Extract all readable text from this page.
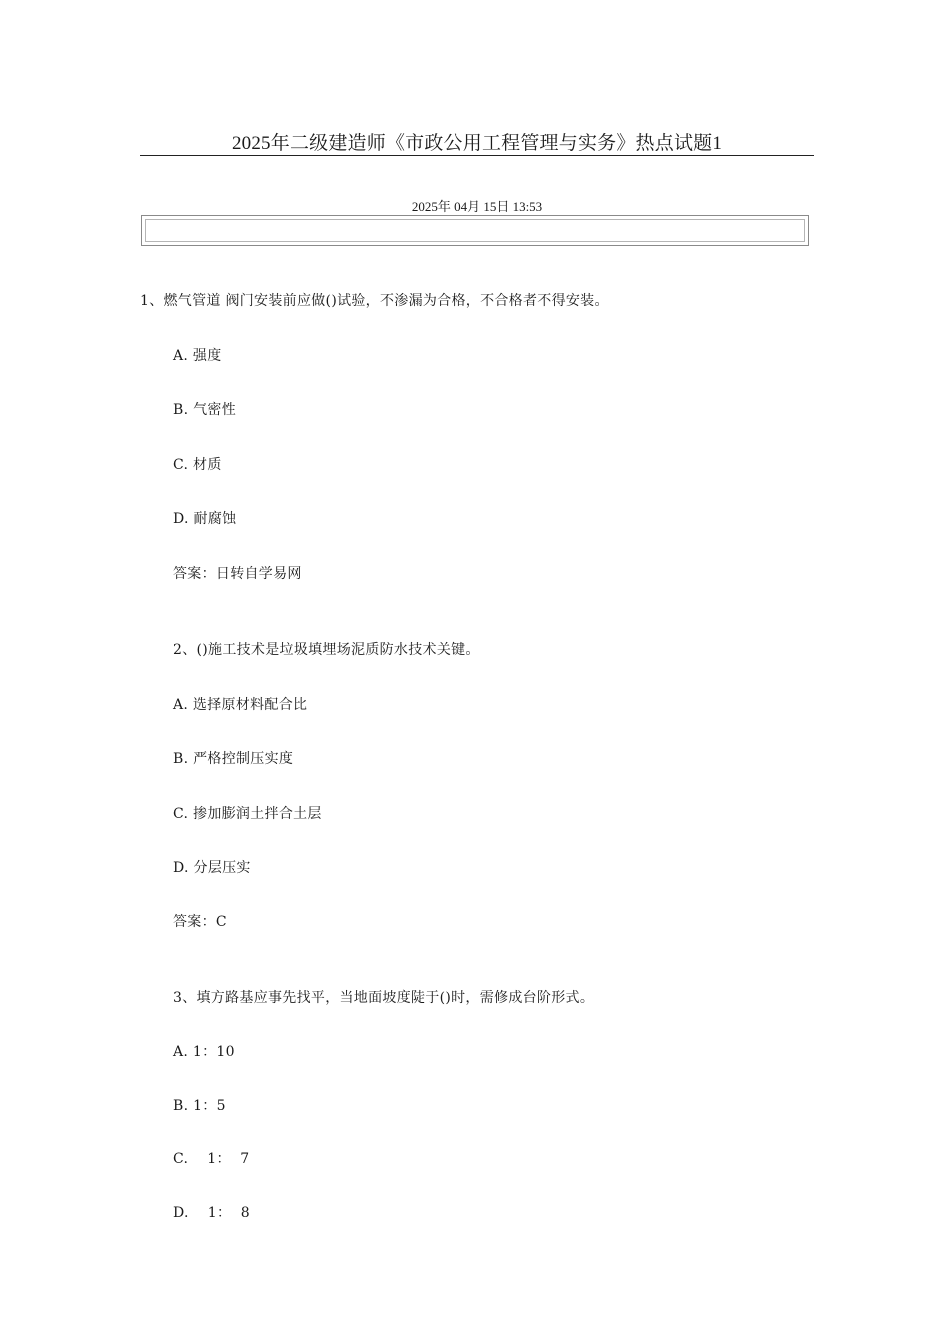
2025年二级建造师《市政公用工程管理与实务》热点试题1
2025年 04月 15日 13:53
1、燃气管道 阀门安装前应做()试验，不渗漏为合格，不合格者不得安装。
A. 强度
B. 气密性
C. 材质
D. 耐腐蚀
答案：日转自学易网
2、()施工技术是垃圾填埋场泥质防水技术关键。
A. 选择原材料配合比
B. 严格控制压实度
C. 掺加膨润土拌合土层
D. 分层压实
答案：C
3、填方路基应事先找平，当地面坡度陡于()时，需修成台阶形式。
A. 1：10
B. 1：5
C.    1：  7
D.    1：  8
